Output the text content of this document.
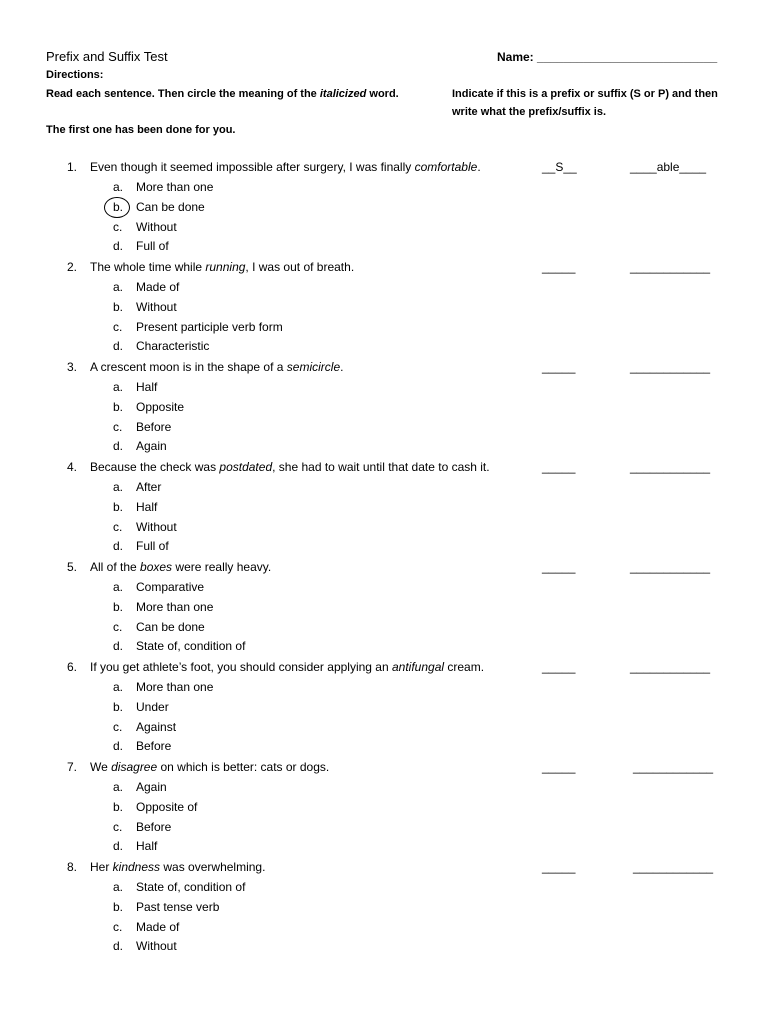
Prefix and Suffix Test	Name: ___________________________
Directions:
Read each sentence. Then circle the meaning of the italicized word.	Indicate if this is a prefix or suffix (S or P) and then
write what the prefix/suffix is.
The first one has been done for you.
1. Even though it seemed impossible after surgery, I was finally comfortable.	__S__	____able____
a. More than one
b. Can be done
c. Without
d. Full of
2. The whole time while running, I was out of breath.	_____	____________
a. Made of
b. Without
c. Present participle verb form
d. Characteristic
3. A crescent moon is in the shape of a semicircle.	_____	____________
a. Half
b. Opposite
c. Before
d. Again
4. Because the check was postdated, she had to wait until that date to cash it.	_____	____________
a. After
b. Half
c. Without
d. Full of
5. All of the boxes were really heavy.	_____	____________
a. Comparative
b. More than one
c. Can be done
d. State of, condition of
6. If you get athlete’s foot, you should consider applying an antifungal cream.	_____	____________
a. More than one
b. Under
c. Against
d. Before
7. We disagree on which is better: cats or dogs.	_____	____________
a. Again
b. Opposite of
c. Before
d. Half
8. Her kindness was overwhelming.	_____	____________
a. State of, condition of
b. Past tense verb
c. Made of
d. Without
